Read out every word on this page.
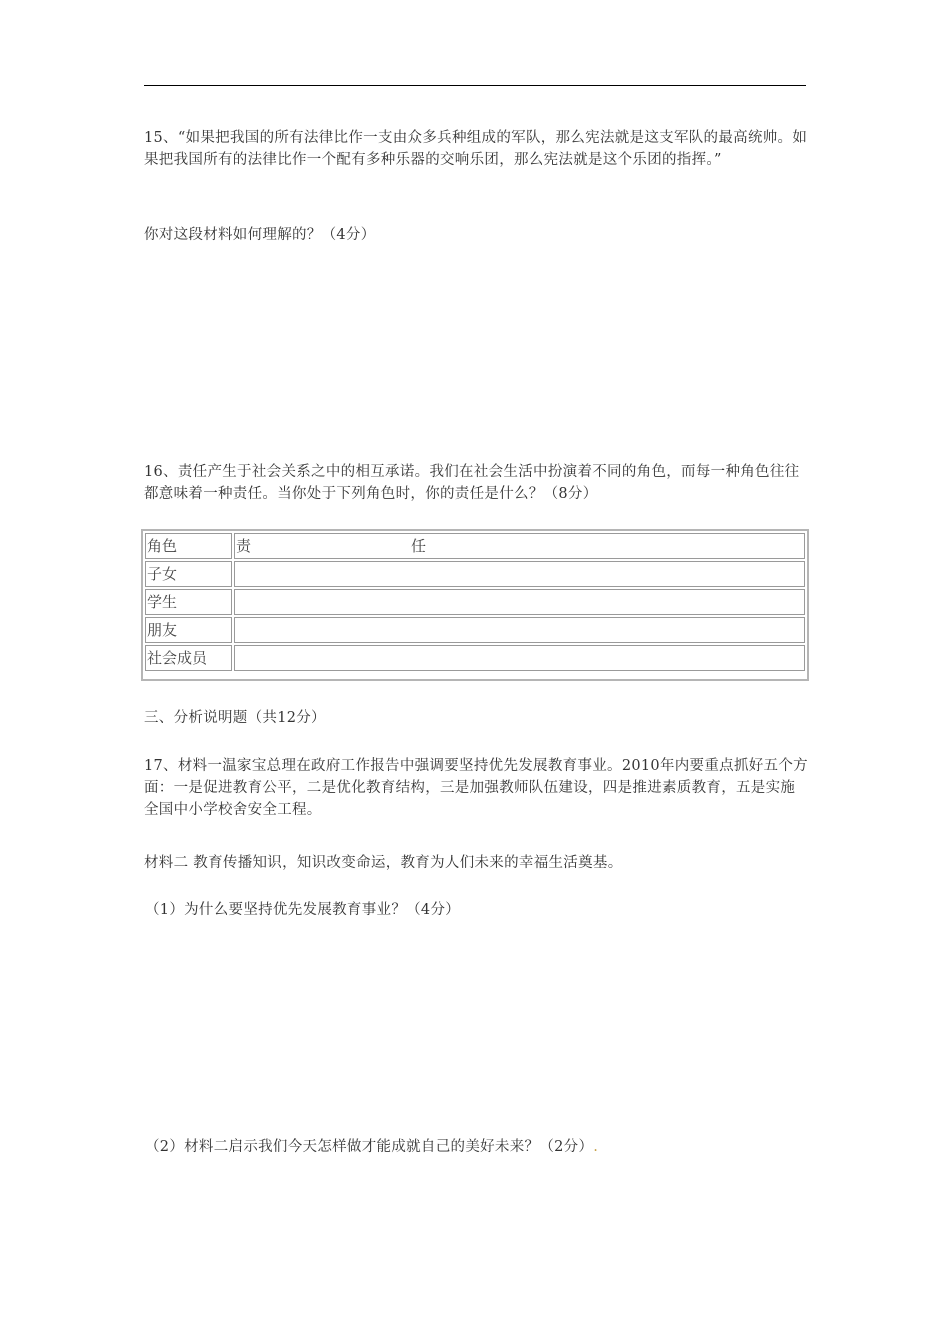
15、“如果把我国的所有法律比作一支由众多兵种组成的军队，那么宪法就是这支军队的最高统帅。如果把我国所有的法律比作一个配有多种乐器的交响乐团，那么宪法就是这个乐团的指挥。”
你对这段材料如何理解的？（4分）
16、责任产生于社会关系之中的相互承诺。我们在社会生活中扮演着不同的角色，而每一种角色往往都意味着一种责任。当你处于下列角色时，你的责任是什么？（8分）
角色	责 任
子女	
学生	
朋友	
社会成员	
三、分析说明题（共12分）
17、材料一温家宝总理在政府工作报告中强调要坚持优先发展教育事业。2010年内要重点抓好五个方面：一是促进教育公平，二是优化教育结构，三是加强教师队伍建设，四是推进素质教育，五是实施全国中小学校舍安全工程。
材料二 教育传播知识，知识改变命运，教育为人们未来的幸福生活奠基。
（1）为什么要坚持优先发展教育事业？（4分）
（2）材料二启示我们今天怎样做才能成就自己的美好未来？（2分）.
